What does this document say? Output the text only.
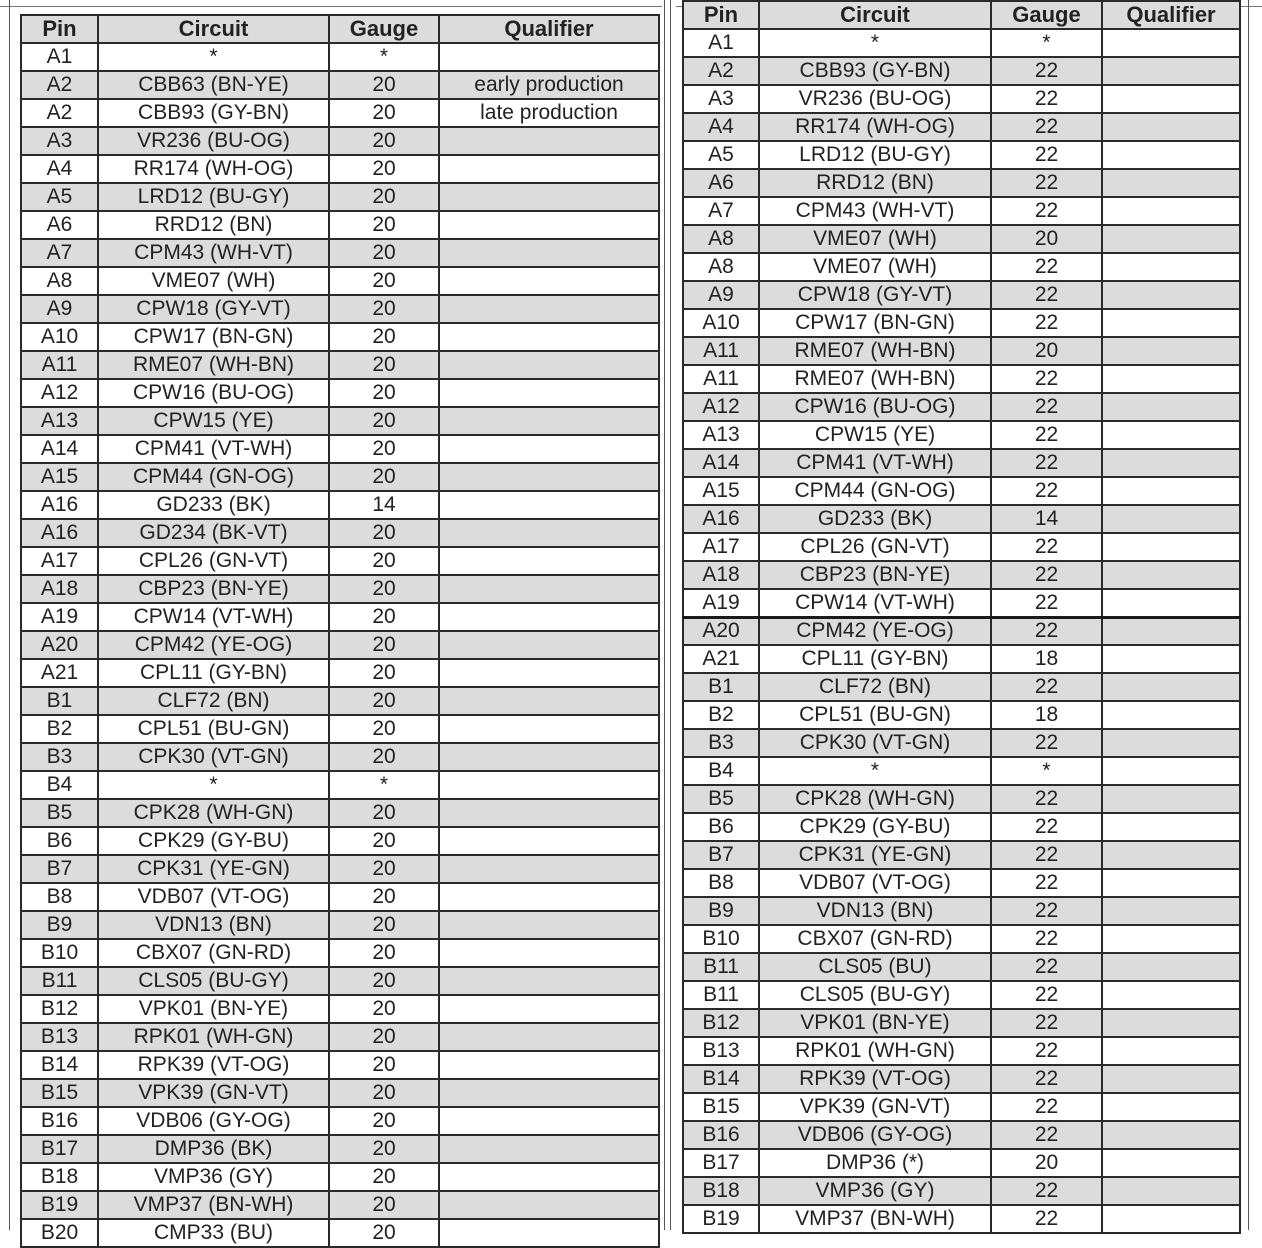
Pin	Circuit	Gauge	Qualifier
A1	*	*	
A2	CBB63 (BN-YE)	20	early production
A2	CBB93 (GY-BN)	20	late production
A3	VR236 (BU-OG)	20	
A4	RR174 (WH-OG)	20	
A5	LRD12 (BU-GY)	20	
A6	RRD12 (BN)	20	
A7	CPM43 (WH-VT)	20	
A8	VME07 (WH)	20	
A9	CPW18 (GY-VT)	20	
A10	CPW17 (BN-GN)	20	
A11	RME07 (WH-BN)	20	
A12	CPW16 (BU-OG)	20	
A13	CPW15 (YE)	20	
A14	CPM41 (VT-WH)	20	
A15	CPM44 (GN-OG)	20	
A16	GD233 (BK)	14	
A16	GD234 (BK-VT)	20	
A17	CPL26 (GN-VT)	20	
A18	CBP23 (BN-YE)	20	
A19	CPW14 (VT-WH)	20	
A20	CPM42 (YE-OG)	20	
A21	CPL11 (GY-BN)	20	
B1	CLF72 (BN)	20	
B2	CPL51 (BU-GN)	20	
B3	CPK30 (VT-GN)	20	
B4	*	*	
B5	CPK28 (WH-GN)	20	
B6	CPK29 (GY-BU)	20	
B7	CPK31 (YE-GN)	20	
B8	VDB07 (VT-OG)	20	
B9	VDN13 (BN)	20	
B10	CBX07 (GN-RD)	20	
B11	CLS05 (BU-GY)	20	
B12	VPK01 (BN-YE)	20	
B13	RPK01 (WH-GN)	20	
B14	RPK39 (VT-OG)	20	
B15	VPK39 (GN-VT)	20	
B16	VDB06 (GY-OG)	20	
B17	DMP36 (BK)	20	
B18	VMP36 (GY)	20	
B19	VMP37 (BN-WH)	20	
B20	CMP33 (BU)	20	
Pin	Circuit	Gauge	Qualifier
A1	*	*	
A2	CBB93 (GY-BN)	22	
A3	VR236 (BU-OG)	22	
A4	RR174 (WH-OG)	22	
A5	LRD12 (BU-GY)	22	
A6	RRD12 (BN)	22	
A7	CPM43 (WH-VT)	22	
A8	VME07 (WH)	20	
A8	VME07 (WH)	22	
A9	CPW18 (GY-VT)	22	
A10	CPW17 (BN-GN)	22	
A11	RME07 (WH-BN)	20	
A11	RME07 (WH-BN)	22	
A12	CPW16 (BU-OG)	22	
A13	CPW15 (YE)	22	
A14	CPM41 (VT-WH)	22	
A15	CPM44 (GN-OG)	22	
A16	GD233 (BK)	14	
A17	CPL26 (GN-VT)	22	
A18	CBP23 (BN-YE)	22	
A19	CPW14 (VT-WH)	22	
A20	CPM42 (YE-OG)	22	
A21	CPL11 (GY-BN)	18	
B1	CLF72 (BN)	22	
B2	CPL51 (BU-GN)	18	
B3	CPK30 (VT-GN)	22	
B4	*	*	
B5	CPK28 (WH-GN)	22	
B6	CPK29 (GY-BU)	22	
B7	CPK31 (YE-GN)	22	
B8	VDB07 (VT-OG)	22	
B9	VDN13 (BN)	22	
B10	CBX07 (GN-RD)	22	
B11	CLS05 (BU)	22	
B11	CLS05 (BU-GY)	22	
B12	VPK01 (BN-YE)	22	
B13	RPK01 (WH-GN)	22	
B14	RPK39 (VT-OG)	22	
B15	VPK39 (GN-VT)	22	
B16	VDB06 (GY-OG)	22	
B17	DMP36 (*)	20	
B18	VMP36 (GY)	22	
B19	VMP37 (BN-WH)	22	
